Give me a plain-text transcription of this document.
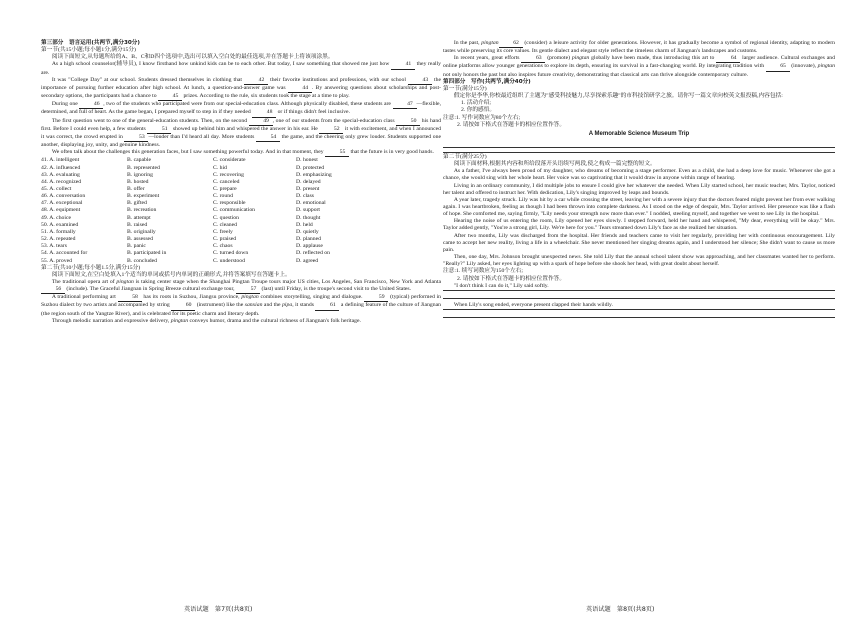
第三部分　语言运用(共两节,满分30分)

第一节(共15小题;每小题1分,满分15分)

阅读下面短文,从每题所给的A、B、C和D四个选项中,选出可以填入空白处的最佳选项,并在答题卡上将该项涂黑。

As a high school counselor(辅导员), I know firsthand how unkind kids can be to each other. But today, I saw something that showed me just how	41 they really are.

It was "College Day" at our school. Students dressed themselves in clothing that	42 their favorite institutions and professions, with our school	43 the importance of pursuing further education after high school. At lunch, a question-and-answer game was	44 . By answering questions about scholarships and post-secondary options, the participants had a chance to	45 prizes. According to the rule, six students took the stage at a time to play.

During one	46 , two of the students who participated were from our special-education class. Although physically disabled, these students are	47 —flexible, determined, and full of heart. As the game began, I prepared myself to step in if they needed	48 or if things didn't feel inclusive.

The first question went to one of the general-education students. Then, on the second	49 , one of our students from the special-education class	50 his hand first. Before I could even help, a few students	51 showed up behind him and whispered the answer in his ear. He	52 it with excitement, and when I announced it was correct, the crowd erupted in	53 —louder than I'd heard all day. More students	54 the game, and the cheering only grew louder. Students supported one another, displaying joy, unity, and genuine kindness.

We often talk about the challenges this generation faces, but I saw something powerful today. And in that moment, they	55 that the future is in very good hands.

41. A. intelligent	B. capable	C. considerate	D. honest
42. A. influenced	B. represented	C. hid	D. protected
43. A. evaluating	B. ignoring	C. recovering	D. emphasizing
44. A. recognized	B. hosted	C. canceled	D. delayed
45. A. collect	B. offer	C. prepare	D. present
46. A. conversation	B. experiment	C. round	D. class
47. A. exceptional	B. gifted	C. responsible	D. emotional
48. A. equipment	B. recreation	C. communication	D. support
49. A. choice	B. attempt	C. question	D. thought
50. A. examined	B. raised	C. cleaned	D. held
51. A. formally	B. originally	C. freely	D. quietly
52. A. repeated	B. assessed	C. praised	D. planned
53. A. tears	B. panic	C. chaos	D. applause
54. A. accounted for	B. participated in	C. turned down	D. reflected on
55. A. proved	B. concluded	C. understood	D. agreed

第二节(共10小题;每小题1.5分,满分15分)

阅读下面短文,在空白处填入1个适当的单词或括号内单词的正确形式,并将答案填写在答题卡上。

The traditional opera art of pingtan is taking center stage when the Shanghai Pingtan Troupe tours major US cities, Los Angeles, San Francisco, New York and Atlanta 56 (include). The Graceful Jiangnan in Spring Breeze cultural exchange tour,	57 (last) until Friday, is the troupe's second visit to the United States.

A traditional performing art	58 has its roots in Suzhou, Jiangsu province, pingtan combines storytelling, singing and dialogue.	59 (typical) performed in Suzhou dialect by two artists and accompanied by string	60 (instrument) like the sanxian and the pipa, it stands	61 a defining feature of the culture of Jiangnan (the region south of the Yangtze River), and is celebrated for its poetic charm and literary depth.

Through melodic narration and expressive delivery, pingtan conveys humor, drama and the cultural richness of Jiangnan's folk heritage.

英语试题　第7页(共8页)

In the past, pingtan	62 (consider) a leisure activity for older generations. However, it has gradually become a symbol of regional identity, adapting to modern tastes while preserving its core values. Its gentle dialect and elegant style reflect the timeless charm of Jiangnan's landscapes and customs.

In recent years, great efforts	63 (promote) pingtan globally have been made, thus introducing this art to	64 larger audience. Cultural exchanges and online platforms allow younger generations to explore its depth, ensuring its survival in a fast-changing world. By integrating tradition with	65 (innovate), pingtan not only honors the past but also inspires future creativity, demonstrating that classical arts can thrive alongside contemporary culture.

第四部分　写作(共两节,满分40分)

第一节(满分15分)

假定你是李华,你校最近组织了主题为"感受科技魅力,尽享探索乐趣"的市科技馆研学之旅。请你写一篇文章向校英文报投稿,内容包括:

1. 活动介绍;

2. 你的感悟。

注意:1. 写作词数应为80个左右;

2. 请按如下格式在答题卡的相应位置作答。

A Memorable Science Museum Trip

第二节(满分25分)

阅读下面材料,根据其内容和所给段落开头语续写两段,使之构成一篇完整的短文。

As a father, I've always been proud of my daughter, who dreams of becoming a stage performer. Even as a child, she had a deep love for music. Whenever she got a chance, she would sing with her whole heart. Her voice was so captivating that it would draw in anyone within range of hearing.

Living in an ordinary community, I did multiple jobs to ensure I could give her whatever she needed. When Lily started school, her music teacher, Mrs. Taylor, noticed her talent and offered to instruct her. With dedication, Lily's singing improved by leaps and bounds.

A year later, tragedy struck. Lily was hit by a car while crossing the street, leaving her with a severe injury that the doctors feared might prevent her from ever walking again. I was heartbroken, feeling as though I had been thrown into complete darkness. As I stood on the edge of despair, Mrs. Taylor arrived. Her presence was like a flash of hope. She comforted me, saying firmly, "Lily needs your strength now more than ever." I nodded, steeling myself, and together we went to see Lily in the hospital.

Hearing the noise of us entering the room, Lily opened her eyes slowly. I stepped forward, held her hand and whispered, "My dear, everything will be okay." Mrs. Taylor added gently, "You're a strong girl, Lily. We're here for you." Tears streamed down Lily's face as she realized her situation.

After two months, Lily was discharged from the hospital. Her friends and teachers came to visit her regularly, providing her with continuous encouragement. Lily came to accept her new reality, living a life in a wheelchair. She never mentioned her singing dreams again, and I understood her silence; She didn't want to cause us more pain.

Then, one day, Mrs. Johnson brought unexpected news. She told Lily that the annual school talent show was approaching, and her classmates wanted her to perform. "Really?" Lily asked, her eyes lighting up with a spark of hope before she shook her head, with great doubt about herself.

注意:1. 续写词数应为150个左右;

2. 请按如下格式在答题卡的相应位置作答。

"I don't think I can do it," Lily said softly.

When Lily's song ended, everyone present clapped their hands wildly.

英语试题　第8页(共8页)
